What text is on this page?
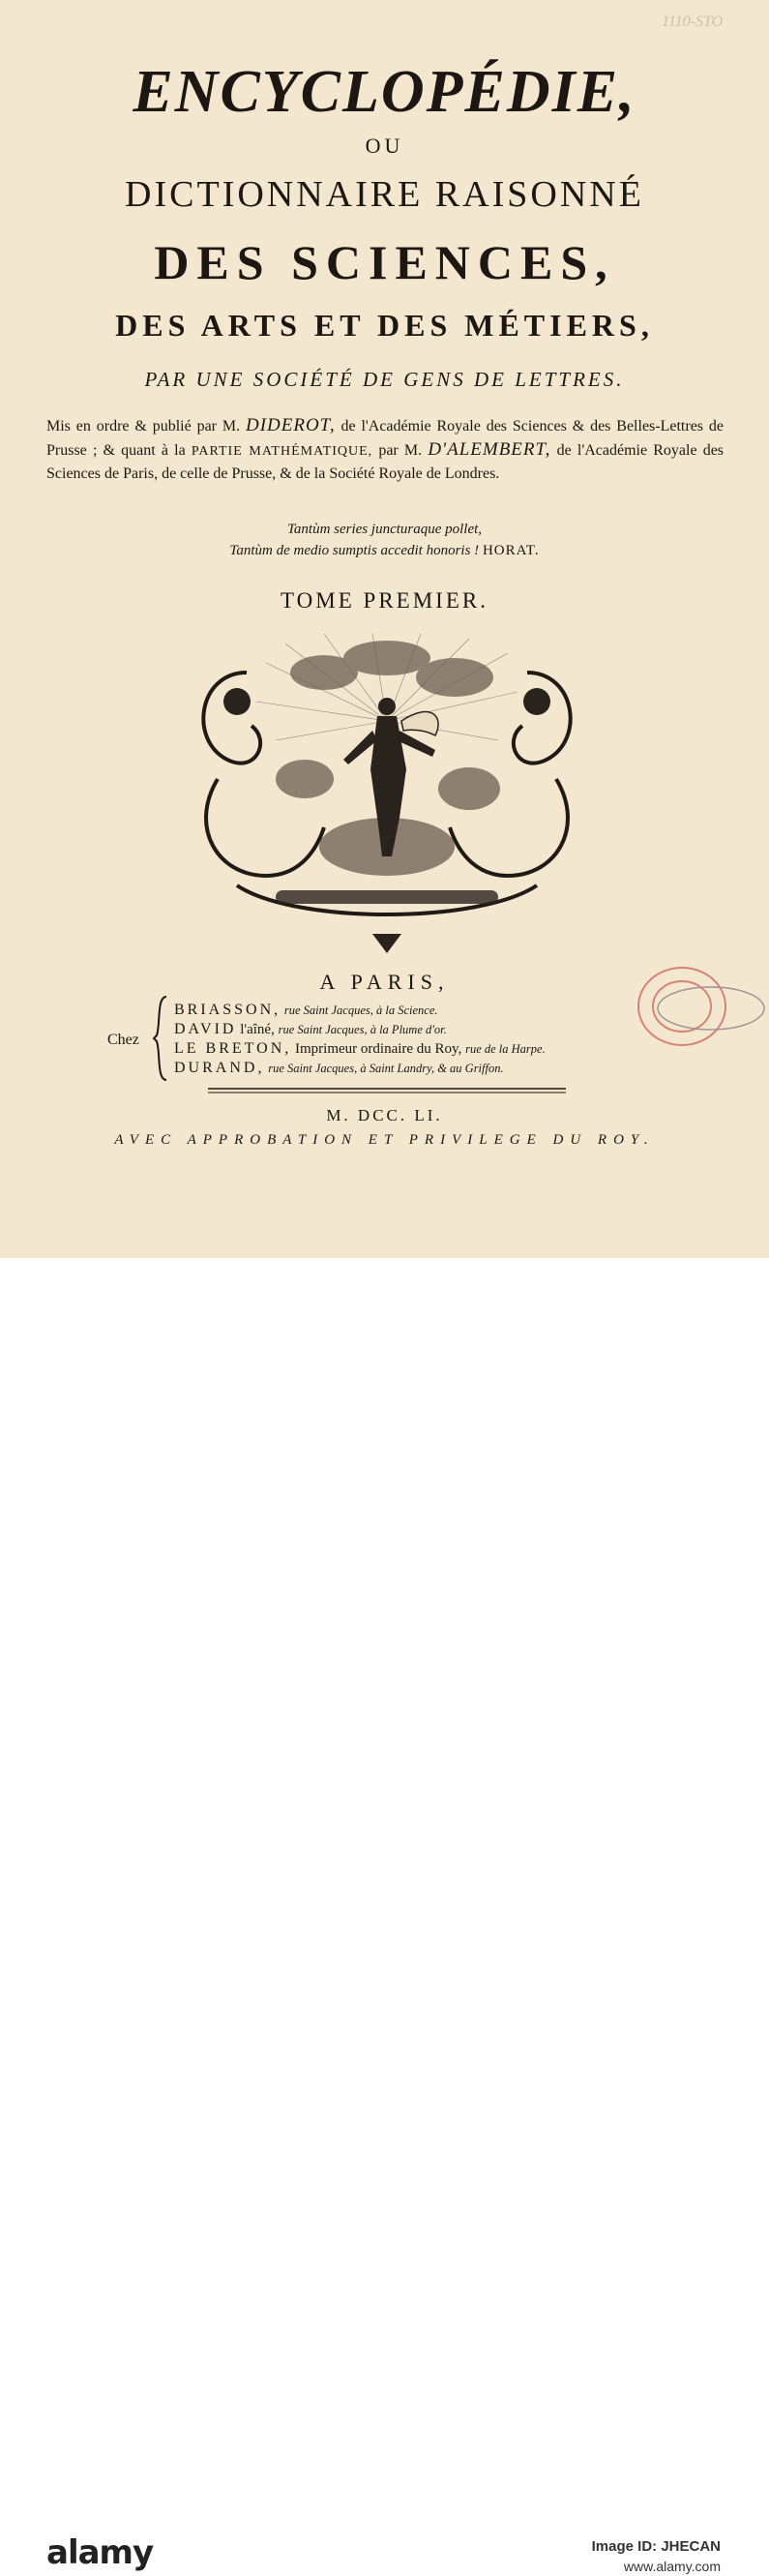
1110-STO
ENCYCLOPÉDIE,
OU
DICTIONNAIRE RAISONNÉ
DES SCIENCES,
DES ARTS ET DES MÉTIERS,
PAR UNE SOCIÉTÉ DE GENS DE LETTRES.
Mis en ordre & publié par M. DIDEROT, de l'Académie Royale des Sciences & des Belles-Lettres de Prusse ; & quant à la PARTIE MATHÉMATIQUE, par M. D'ALEMBERT, de l'Académie Royale des Sciences de Paris, de celle de Prusse, & de la Société Royale de Londres.
Tantùm series juncturaque pollet,
Tantùm de medio sumptis accedit honoris ! HORAT.
TOME PREMIER.
A PARIS,
Chez
BRIASSON, rue Saint Jacques, à la Science.
DAVID l'aîné, rue Saint Jacques, à la Plume d'or.
LE BRETON, Imprimeur ordinaire du Roy, rue de la Harpe.
DURAND, rue Saint Jacques, à Saint Landry, & au Griffon.
M. DCC. LI.
AVEC APPROBATION ET PRIVILEGE DU ROY.
alamy	Image ID: JHECAN
www.alamy.com
